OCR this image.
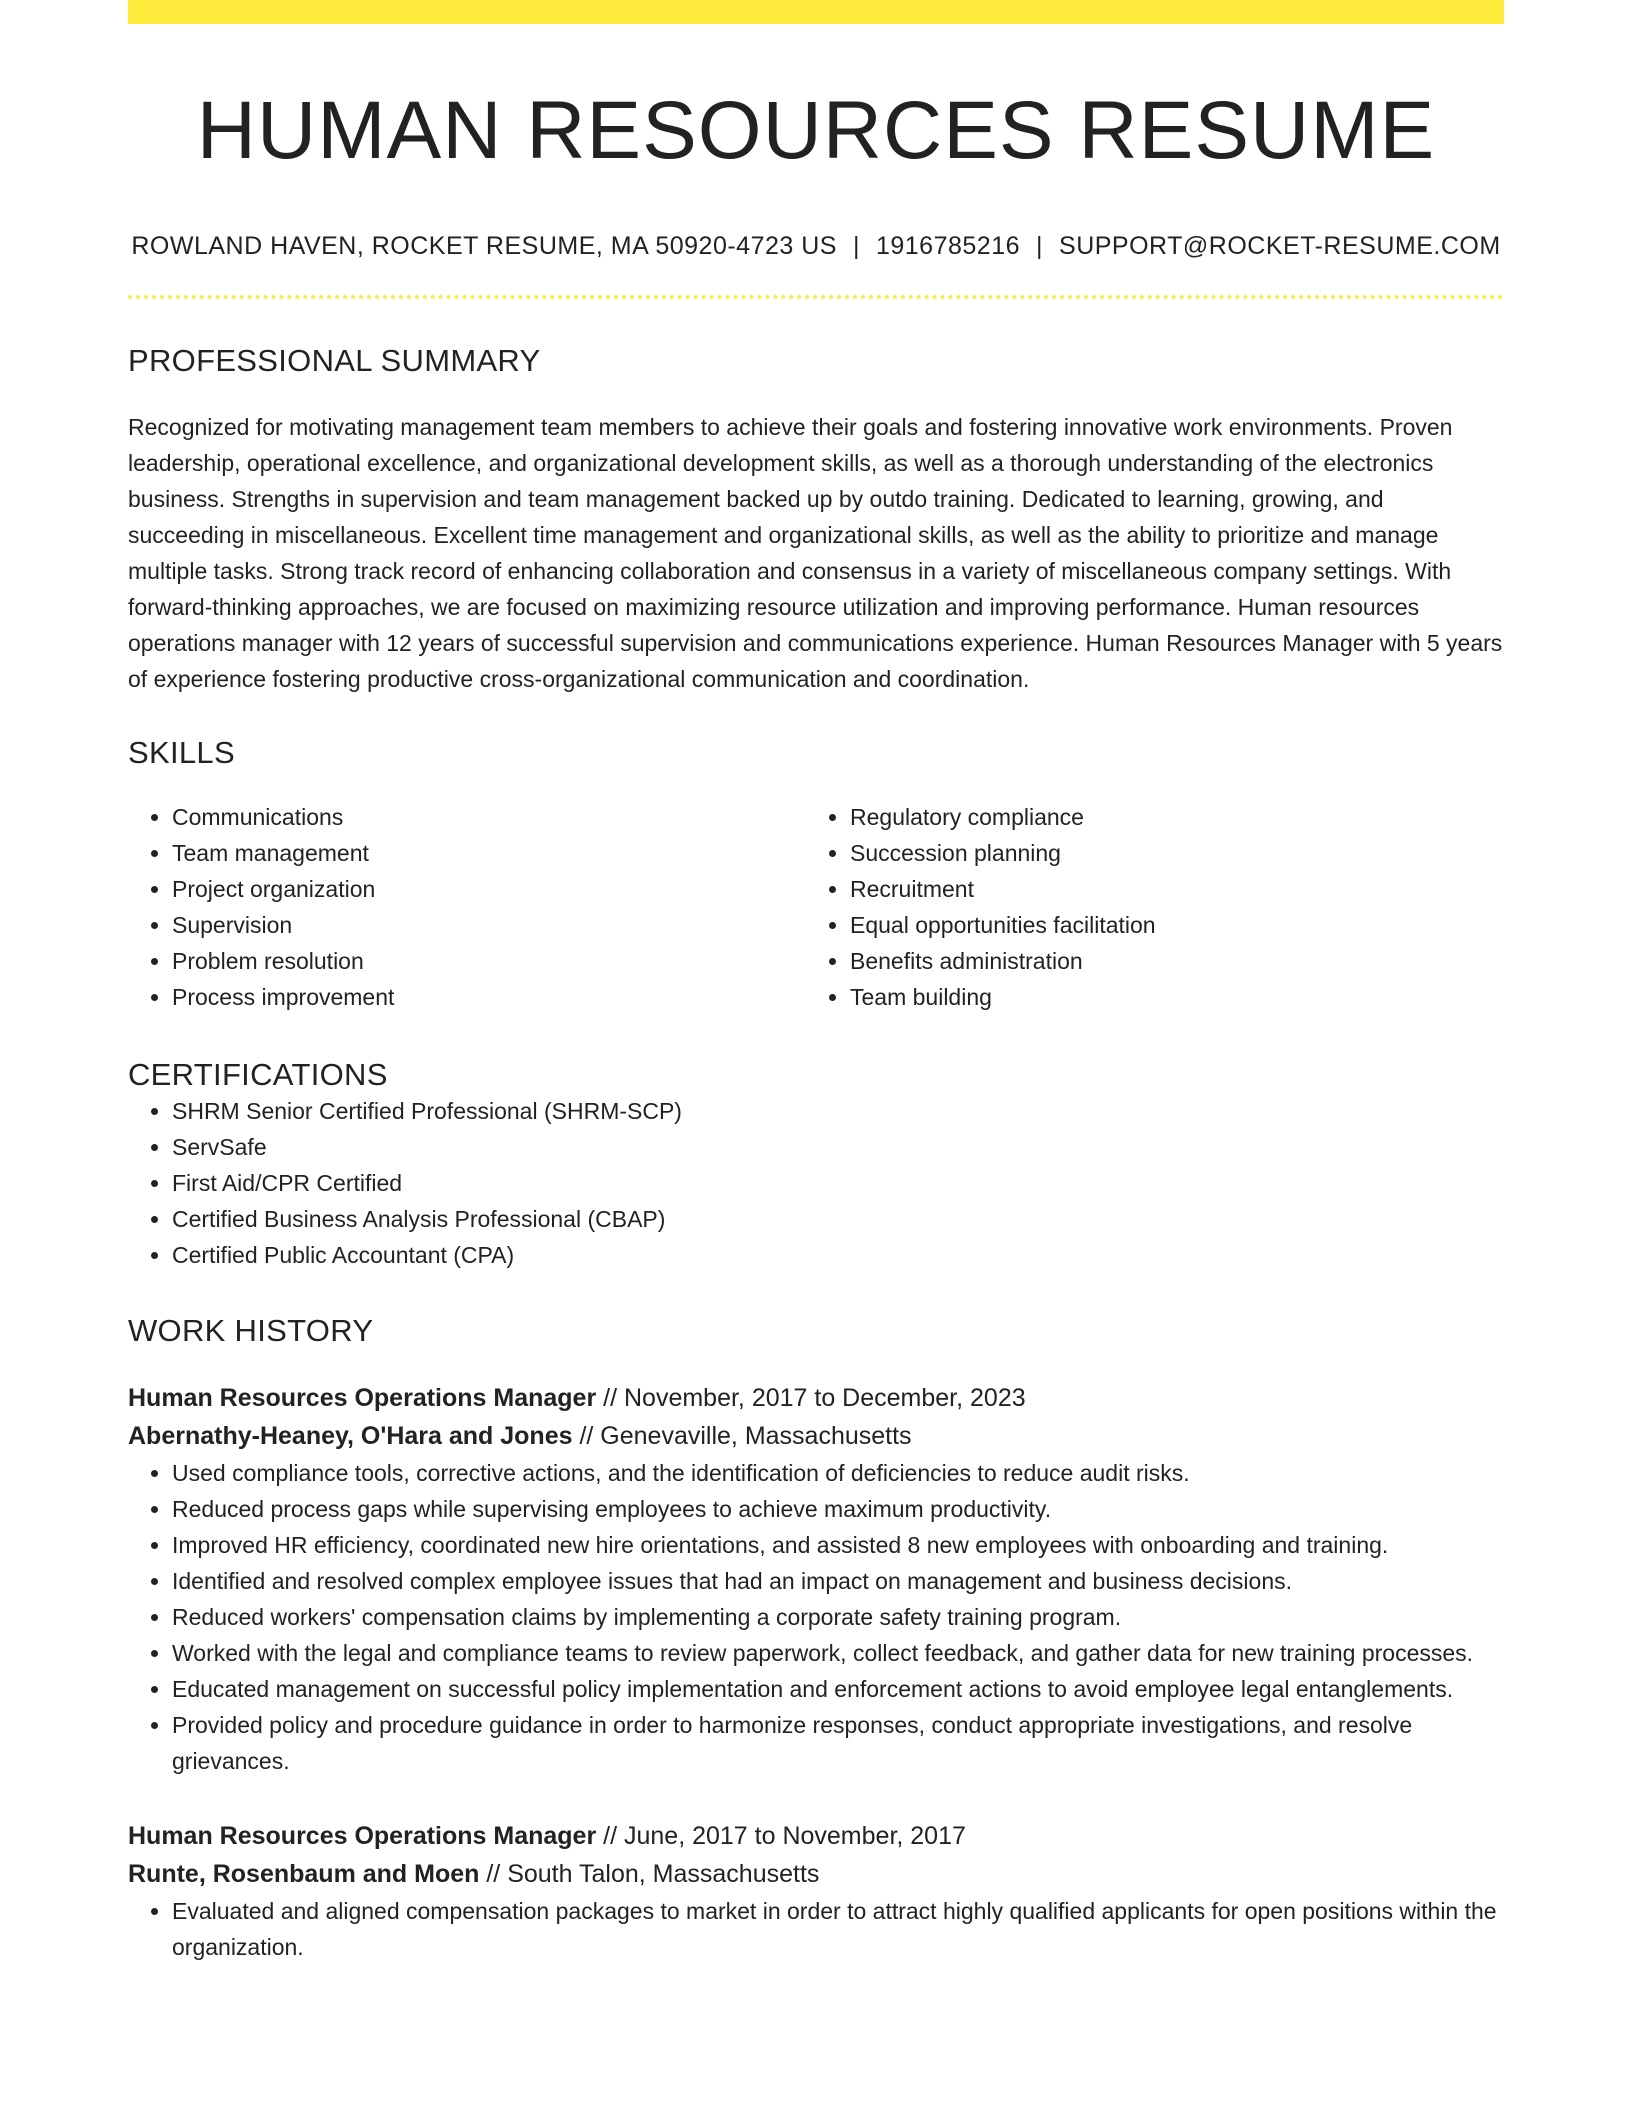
HUMAN RESOURCES RESUME
ROWLAND HAVEN, ROCKET RESUME, MA 50920-4723 US | 1916785216 | SUPPORT@ROCKET-RESUME.COM
PROFESSIONAL SUMMARY
Recognized for motivating management team members to achieve their goals and fostering innovative work environments. Proven leadership, operational excellence, and organizational development skills, as well as a thorough understanding of the electronics business. Strengths in supervision and team management backed up by outdo training. Dedicated to learning, growing, and succeeding in miscellaneous. Excellent time management and organizational skills, as well as the ability to prioritize and manage multiple tasks. Strong track record of enhancing collaboration and consensus in a variety of miscellaneous company settings. With forward-thinking approaches, we are focused on maximizing resource utilization and improving performance. Human resources operations manager with 12 years of successful supervision and communications experience. Human Resources Manager with 5 years of experience fostering productive cross-organizational communication and coordination.
SKILLS
• Communications
• Team management
• Project organization
• Supervision
• Problem resolution
• Process improvement
• Regulatory compliance
• Succession planning
• Recruitment
• Equal opportunities facilitation
• Benefits administration
• Team building
CERTIFICATIONS
• SHRM Senior Certified Professional (SHRM-SCP)
• ServSafe
• First Aid/CPR Certified
• Certified Business Analysis Professional (CBAP)
• Certified Public Accountant (CPA)
WORK HISTORY
Human Resources Operations Manager // November, 2017 to December, 2023
Abernathy-Heaney, O'Hara and Jones // Genevaville, Massachusetts
• Used compliance tools, corrective actions, and the identification of deficiencies to reduce audit risks.
• Reduced process gaps while supervising employees to achieve maximum productivity.
• Improved HR efficiency, coordinated new hire orientations, and assisted 8 new employees with onboarding and training.
• Identified and resolved complex employee issues that had an impact on management and business decisions.
• Reduced workers' compensation claims by implementing a corporate safety training program.
• Worked with the legal and compliance teams to review paperwork, collect feedback, and gather data for new training processes.
• Educated management on successful policy implementation and enforcement actions to avoid employee legal entanglements.
• Provided policy and procedure guidance in order to harmonize responses, conduct appropriate investigations, and resolve grievances.
Human Resources Operations Manager // June, 2017 to November, 2017
Runte, Rosenbaum and Moen // South Talon, Massachusetts
• Evaluated and aligned compensation packages to market in order to attract highly qualified applicants for open positions within the organization.
